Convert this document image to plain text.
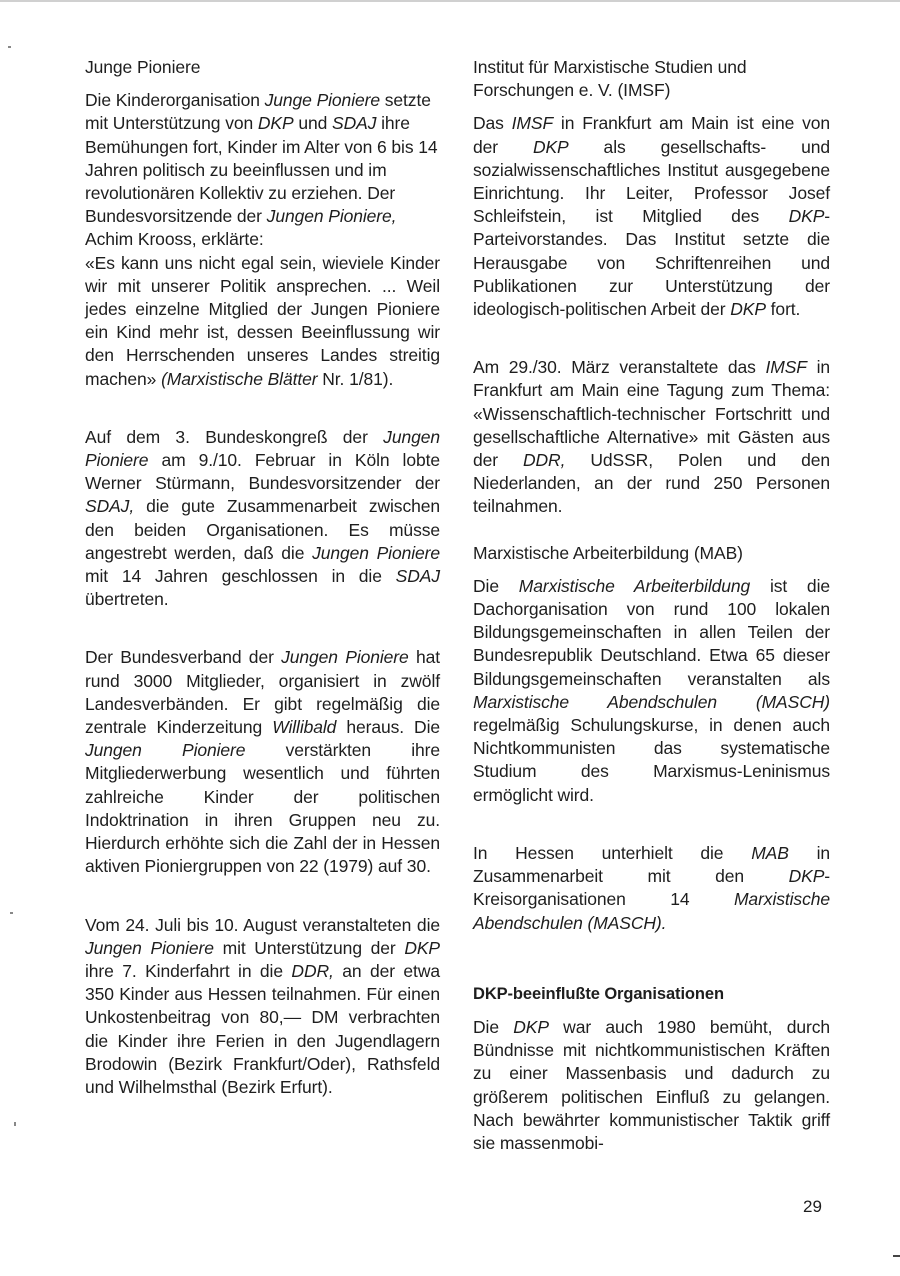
Junge Pioniere

Die Kinderorganisation Junge Pioniere setzte mit Unterstützung von DKP und SDAJ ihre Bemühungen fort, Kinder im Alter von 6 bis 14 Jahren politisch zu beeinflussen und im revolutionären Kollektiv zu erziehen. Der Bundesvorsitzende der Jungen Pioniere, Achim Krooss, erklärte:

«Es kann uns nicht egal sein, wieviele Kinder wir mit unserer Politik ansprechen. ... Weil jedes einzelne Mitglied der Jungen Pioniere ein Kind mehr ist, dessen Beeinflussung wir den Herrschenden unseres Landes streitig machen» (Marxistische Blätter Nr. 1/81).

Auf dem 3. Bundeskongreß der Jungen Pioniere am 9./10. Februar in Köln lobte Werner Stürmann, Bundesvorsitzender der SDAJ, die gute Zusammenarbeit zwischen den beiden Organisationen. Es müsse angestrebt werden, daß die Jungen Pioniere mit 14 Jahren geschlossen in die SDAJ übertreten.

Der Bundesverband der Jungen Pioniere hat rund 3000 Mitglieder, organisiert in zwölf Landesverbänden. Er gibt regelmäßig die zentrale Kinderzeitung Willibald heraus. Die Jungen Pioniere verstärkten ihre Mitgliederwerbung wesentlich und führten zahlreiche Kinder der politischen Indoktrination in ihren Gruppen neu zu. Hierdurch erhöhte sich die Zahl der in Hessen aktiven Pioniergruppen von 22 (1979) auf 30.

Vom 24. Juli bis 10. August veranstalteten die Jungen Pioniere mit Unterstützung der DKP ihre 7. Kinderfahrt in die DDR, an der etwa 350 Kinder aus Hessen teilnahmen. Für einen Unkostenbeitrag von 80,— DM verbrachten die Kinder ihre Ferien in den Jugendlagern Brodowin (Bezirk Frankfurt/Oder), Rathsfeld und Wilhelmsthal (Bezirk Erfurt).

Institut für Marxistische Studien und Forschungen e. V. (IMSF)

Das IMSF in Frankfurt am Main ist eine von der DKP als gesellschafts- und sozialwissenschaftliches Institut ausgegebene Einrichtung. Ihr Leiter, Professor Josef Schleifstein, ist Mitglied des DKP-Parteivorstandes. Das Institut setzte die Herausgabe von Schriftenreihen und Publikationen zur Unterstützung der ideologisch-politischen Arbeit der DKP fort.

Am 29./30. März veranstaltete das IMSF in Frankfurt am Main eine Tagung zum Thema: «Wissenschaftlich-technischer Fortschritt und gesellschaftliche Alternative» mit Gästen aus der DDR, UdSSR, Polen und den Niederlanden, an der rund 250 Personen teilnahmen.

Marxistische Arbeiterbildung (MAB)

Die Marxistische Arbeiterbildung ist die Dachorganisation von rund 100 lokalen Bildungsgemeinschaften in allen Teilen der Bundesrepublik Deutschland. Etwa 65 dieser Bildungsgemeinschaften veranstalten als Marxistische Abendschulen (MASCH) regelmäßig Schulungskurse, in denen auch Nichtkommunisten das systematische Studium des Marxismus-Leninismus ermöglicht wird.

In Hessen unterhielt die MAB in Zusammenarbeit mit den DKP-Kreisorganisationen 14 Marxistische Abendschulen (MASCH).

DKP-beeinflußte Organisationen

Die DKP war auch 1980 bemüht, durch Bündnisse mit nichtkommunistischen Kräften zu einer Massenbasis und dadurch zu größerem politischen Einfluß zu gelangen. Nach bewährter kommunistischer Taktik griff sie massenmobi-

29
